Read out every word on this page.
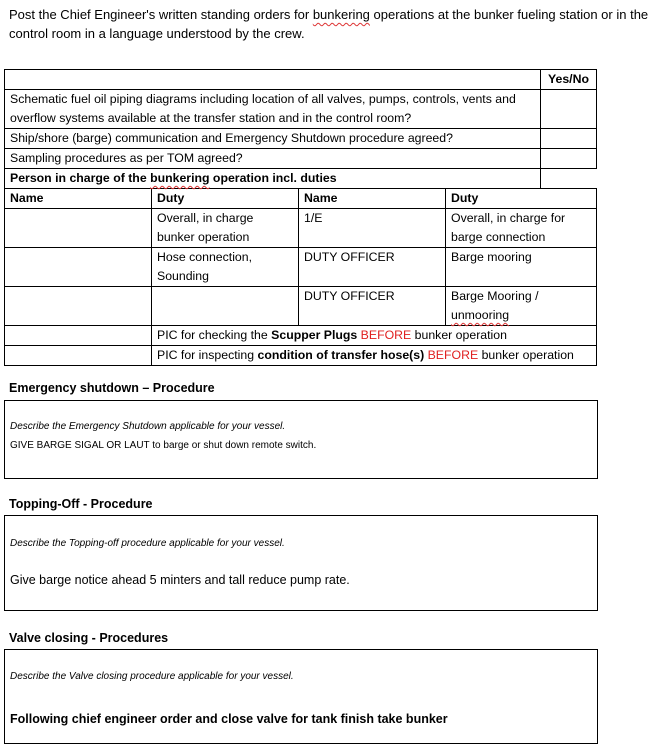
Post the Chief Engineer's written standing orders for bunkering operations at the bunker fueling station or in the control room in a language understood by the crew.
				Yes/No
Schematic fuel oil piping diagrams including location of all valves, pumps, controls, vents and overflow systems available at the transfer station and in the control room?				
Ship/shore (barge) communication and Emergency Shutdown procedure agreed?				
Sampling procedures as per TOM agreed?				
Person in charge of the bunkering operation incl. duties				
Name	Duty	Name	Duty	
	Overall, in charge bunker operation	1/E	Overall, in charge for barge connection	
	Hose connection, Sounding	DUTY OFFICER	Barge mooring	
		DUTY OFFICER	Barge Mooring / unmooring	
	PIC for checking the Scupper Plugs BEFORE bunker operation			
	PIC for inspecting condition of transfer hose(s) BEFORE bunker operation			
Emergency shutdown – Procedure
Describe the Emergency Shutdown applicable for your vessel.
GIVE BARGE SIGAL OR LAUT to barge or shut down remote switch.
Topping-Off - Procedure
Describe the Topping-off procedure applicable for your vessel.
Give barge notice ahead 5 minters and tall reduce pump rate.
Valve closing - Procedures
Describe the Valve closing procedure applicable for your vessel.
Following chief engineer order and close valve for tank finish take bunker
